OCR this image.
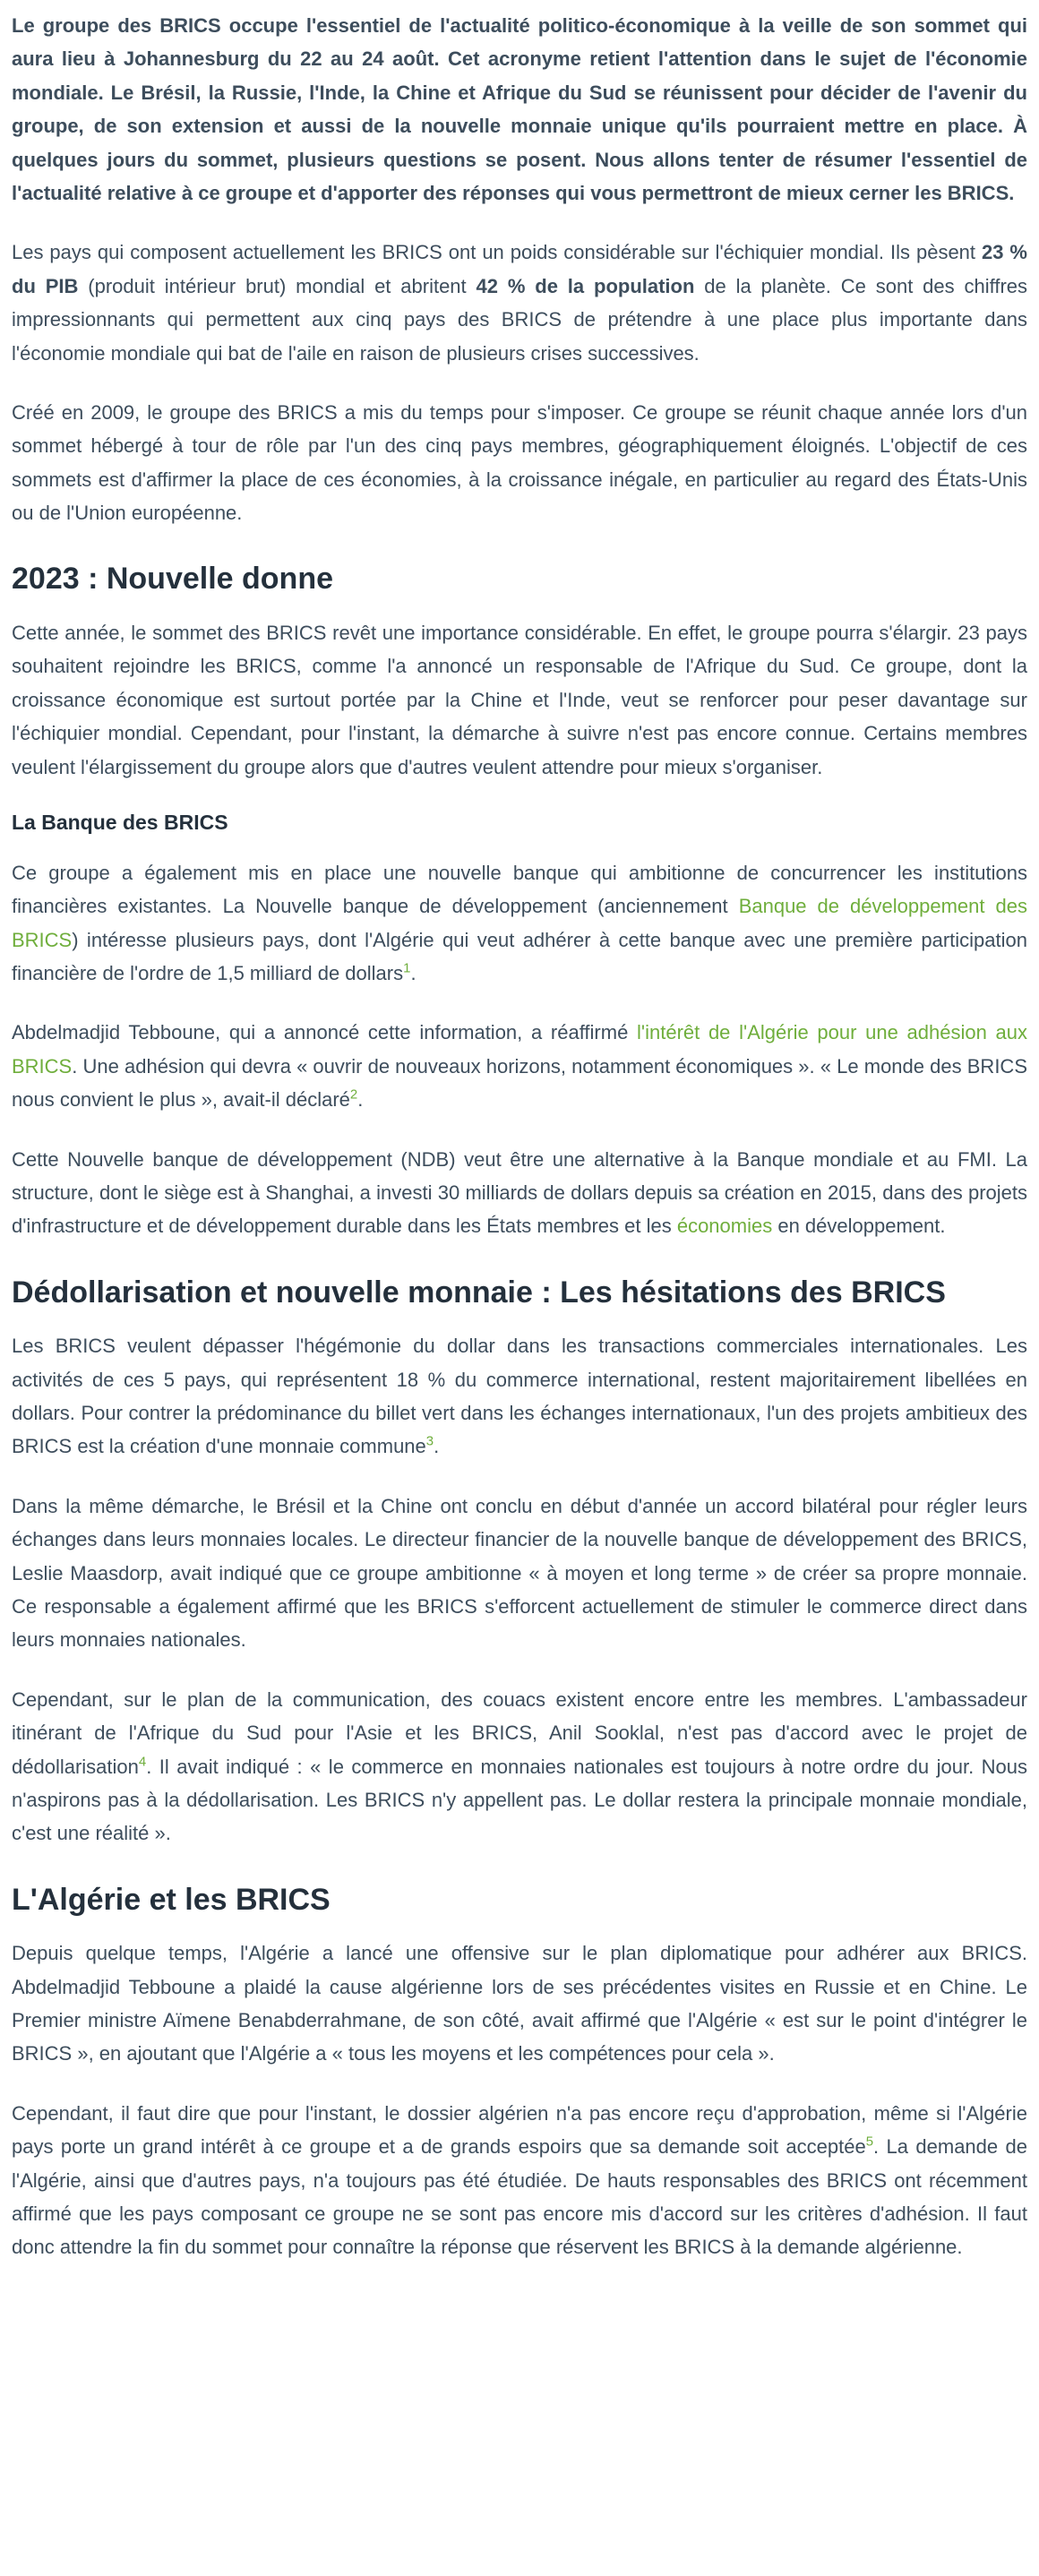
Le groupe des BRICS occupe l'essentiel de l'actualité politico-économique à la veille de son sommet qui aura lieu à Johannesburg du 22 au 24 août. Cet acronyme retient l'attention dans le sujet de l'économie mondiale. Le Brésil, la Russie, l'Inde, la Chine et Afrique du Sud se réunissent pour décider de l'avenir du groupe, de son extension et aussi de la nouvelle monnaie unique qu'ils pourraient mettre en place. À quelques jours du sommet, plusieurs questions se posent. Nous allons tenter de résumer l'essentiel de l'actualité relative à ce groupe et d'apporter des réponses qui vous permettront de mieux cerner les BRICS.

Les pays qui composent actuellement les BRICS ont un poids considérable sur l'échiquier mondial. Ils pèsent 23 % du PIB (produit intérieur brut) mondial et abritent 42 % de la population de la planète. Ce sont des chiffres impressionnants qui permettent aux cinq pays des BRICS de prétendre à une place plus importante dans l'économie mondiale qui bat de l'aile en raison de plusieurs crises successives.

Créé en 2009, le groupe des BRICS a mis du temps pour s'imposer. Ce groupe se réunit chaque année lors d'un sommet hébergé à tour de rôle par l'un des cinq pays membres, géographiquement éloignés. L'objectif de ces sommets est d'affirmer la place de ces économies, à la croissance inégale, en particulier au regard des États-Unis ou de l'Union européenne.

2023 : Nouvelle donne

Cette année, le sommet des BRICS revêt une importance considérable. En effet, le groupe pourra s'élargir. 23 pays souhaitent rejoindre les BRICS, comme l'a annoncé un responsable de l'Afrique du Sud. Ce groupe, dont la croissance économique est surtout portée par la Chine et l'Inde, veut se renforcer pour peser davantage sur l'échiquier mondial. Cependant, pour l'instant, la démarche à suivre n'est pas encore connue. Certains membres veulent l'élargissement du groupe alors que d'autres veulent attendre pour mieux s'organiser.

La Banque des BRICS

Ce groupe a également mis en place une nouvelle banque qui ambitionne de concurrencer les institutions financières existantes. La Nouvelle banque de développement (anciennement Banque de développement des BRICS) intéresse plusieurs pays, dont l'Algérie qui veut adhérer à cette banque avec une première participation financière de l'ordre de 1,5 milliard de dollars$^1$.

Abdelmadjid Tebboune, qui a annoncé cette information, a réaffirmé l'intérêt de l'Algérie pour une adhésion aux BRICS. Une adhésion qui devra « ouvrir de nouveaux horizons, notamment économiques ». « Le monde des BRICS nous convient le plus », avait-il déclaré$^2$.

Cette Nouvelle banque de développement (NDB) veut être une alternative à la Banque mondiale et au FMI. La structure, dont le siège est à Shanghai, a investi 30 milliards de dollars depuis sa création en 2015, dans des projets d'infrastructure et de développement durable dans les États membres et les économies en développement.

Dédollarisation et nouvelle monnaie : Les hésitations des BRICS

Les BRICS veulent dépasser l'hégémonie du dollar dans les transactions commerciales internationales. Les activités de ces 5 pays, qui représentent 18 % du commerce international, restent majoritairement libellées en dollars. Pour contrer la prédominance du billet vert dans les échanges internationaux, l'un des projets ambitieux des BRICS est la création d'une monnaie commune$^3$.

Dans la même démarche, le Brésil et la Chine ont conclu en début d'année un accord bilatéral pour régler leurs échanges dans leurs monnaies locales. Le directeur financier de la nouvelle banque de développement des BRICS, Leslie Maasdorp, avait indiqué que ce groupe ambitionne « à moyen et long terme » de créer sa propre monnaie. Ce responsable a également affirmé que les BRICS s'efforcent actuellement de stimuler le commerce direct dans leurs monnaies nationales.

Cependant, sur le plan de la communication, des couacs existent encore entre les membres. L'ambassadeur itinérant de l'Afrique du Sud pour l'Asie et les BRICS, Anil Sooklal, n'est pas d'accord avec le projet de dédollarisation$^4$. Il avait indiqué : « le commerce en monnaies nationales est toujours à notre ordre du jour. Nous n'aspirons pas à la dédollarisation. Les BRICS n'y appellent pas. Le dollar restera la principale monnaie mondiale, c'est une réalité ».

L'Algérie et les BRICS

Depuis quelque temps, l'Algérie a lancé une offensive sur le plan diplomatique pour adhérer aux BRICS. Abdelmadjid Tebboune a plaidé la cause algérienne lors de ses précédentes visites en Russie et en Chine. Le Premier ministre Aïmene Benabderrahmane, de son côté, avait affirmé que l'Algérie « est sur le point d'intégrer le BRICS », en ajoutant que l'Algérie a « tous les moyens et les compétences pour cela ».

Cependant, il faut dire que pour l'instant, le dossier algérien n'a pas encore reçu d'approbation, même si l'Algérie pays porte un grand intérêt à ce groupe et a de grands espoirs que sa demande soit acceptée$^5$. La demande de l'Algérie, ainsi que d'autres pays, n'a toujours pas été étudiée. De hauts responsables des BRICS ont récemment affirmé que les pays composant ce groupe ne se sont pas encore mis d'accord sur les critères d'adhésion. Il faut donc attendre la fin du sommet pour connaître la réponse que réservent les BRICS à la demande algérienne.
